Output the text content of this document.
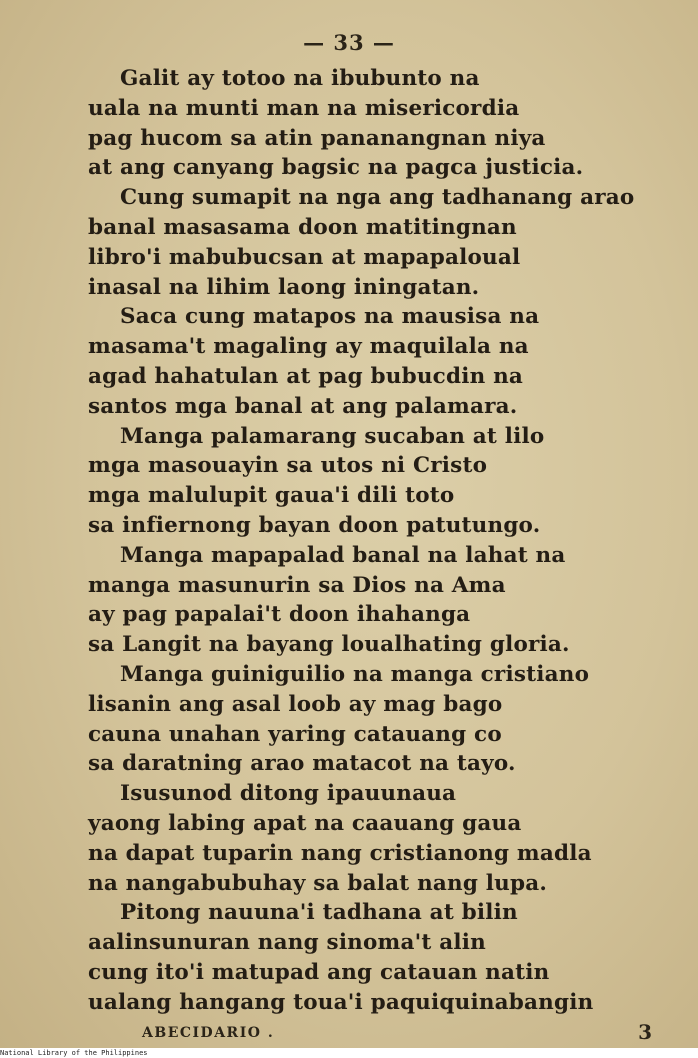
— 33 —
Galit ay totoo na ibubunto na
uala na munti man na misericordia
pag hucom sa atin pananangnan niya
at ang canyang bagsic na pagca justicia.
Cung sumapit na nga ang tadhanang arao
banal masasama doon matitingnan
libro'i mabubucsan at mapapaloual
inasal na lihim laong iningatan.
Saca cung matapos na mausisa na
masama't magaling ay maquilala na
agad hahatulan at pag bubucdin na
santos mga banal at ang palamara.
Manga palamarang sucaban at lilo
mga masouayin sa utos ni Cristo
mga malulupit gaua'i dili toto
sa infiernong bayan doon patutungo.
Manga mapapalad banal na lahat na
manga masunurin sa Dios na Ama
ay pag papalai't doon ihahanga
sa Langit na bayang loualhating gloria.
Manga guiniguilio na manga cristiano
lisanin ang asal loob ay mag bago
cauna unahan yaring catauang co
sa daratning arao matacot na tayo.
Isusunod ditong ipauunaua
yaong labing apat na caauang gaua
na dapat tuparin nang cristianong madla
na nangabubuhay sa balat nang lupa.
Pitong nauuna'i tadhana at bilin
aalinsunuran nang sinoma't alin
cung ito'i matupad ang catauan natin
ualang hangang toua'i paquiquinabangin
ABECIDARIO .	3
National Library of the Philippines
